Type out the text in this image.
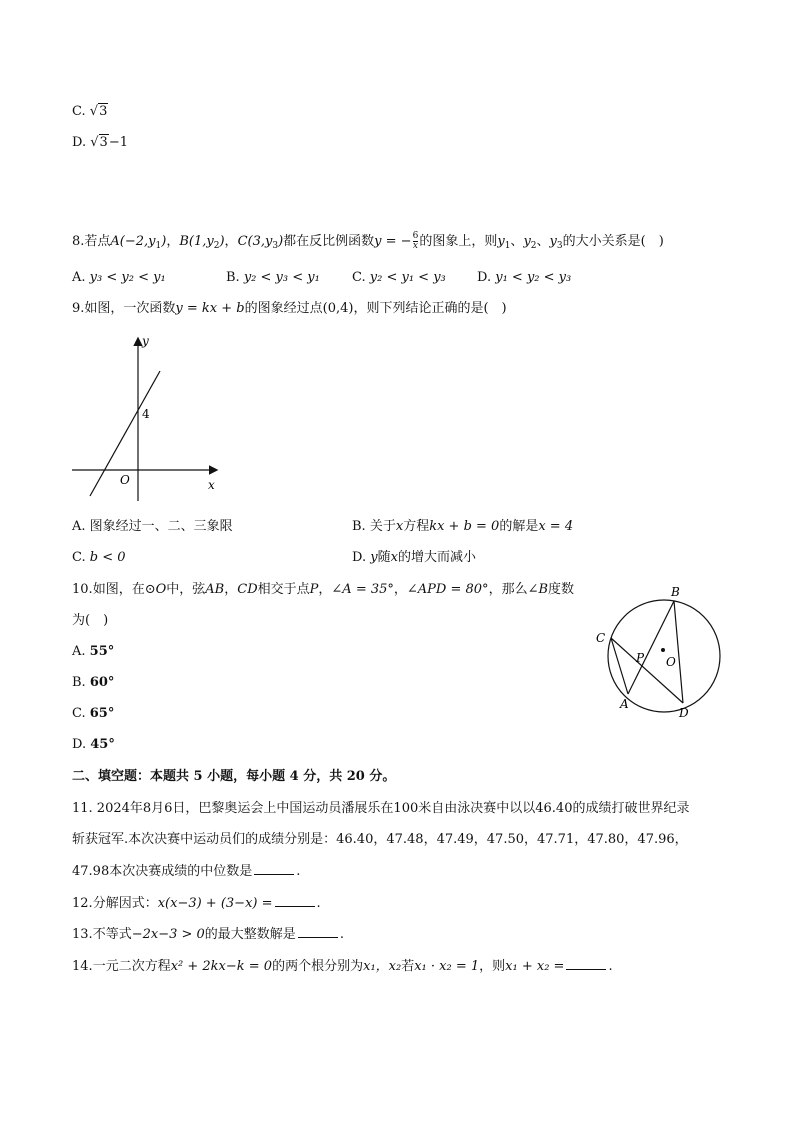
C. √3
D. √3−1
8.若点$A(-2,y_1)$，$B(1,y_2)$，$C(3,y_3)$都在反比例函数y = − $\frac{6}{x}$ 的图象上，则$y_1$、$y_2$、$y_3$的大小关系是(　)
A. y₃ < y₂ < y₁	B. y₂ < y₃ < y₁ C. y₂ < y₁ < y₃ D. y₁ < y₂ < y₃
9.如图，一次函数y = kx + b的图象经过点(0,4)，则下列结论正确的是(　)
y
x
O
4
A. 图象经过一、二、三象限	B. 关于x方程kx + b = 0的解是x = 4
C. b < 0	D. y随x的增大而减小
10.如图，在⊙O中，弦AB，CD相交于点P，∠A = 35°，∠APD = 80°，那么∠B度数
为(　)
B
C
P O
A
D
A. 55°
B. 60°
C. 65°
D. 45°
二、填空题：本题共 5 小题，每小题 4 分，共 20 分。
11. 2024年8月6日，巴黎奥运会上中国运动员潘展乐在100米自由泳决赛中以以46.40的成绩打破世界纪录
斩获冠军.本次决赛中运动员们的成绩分别是：46.40，47.48，47.49，47.50，47.71，47.80，47.96，
47.98本次决赛成绩的中位数是	.
12.分解因式：x(x−3) + (3−x) =	.
13.不等式−2x−3 > 0的最大整数解是	.
14.一元二次方程x² + 2kx−k = 0的两个根分别为x₁，x₂若x₁ · x₂ = 1，则x₁ + x₂ =	.
